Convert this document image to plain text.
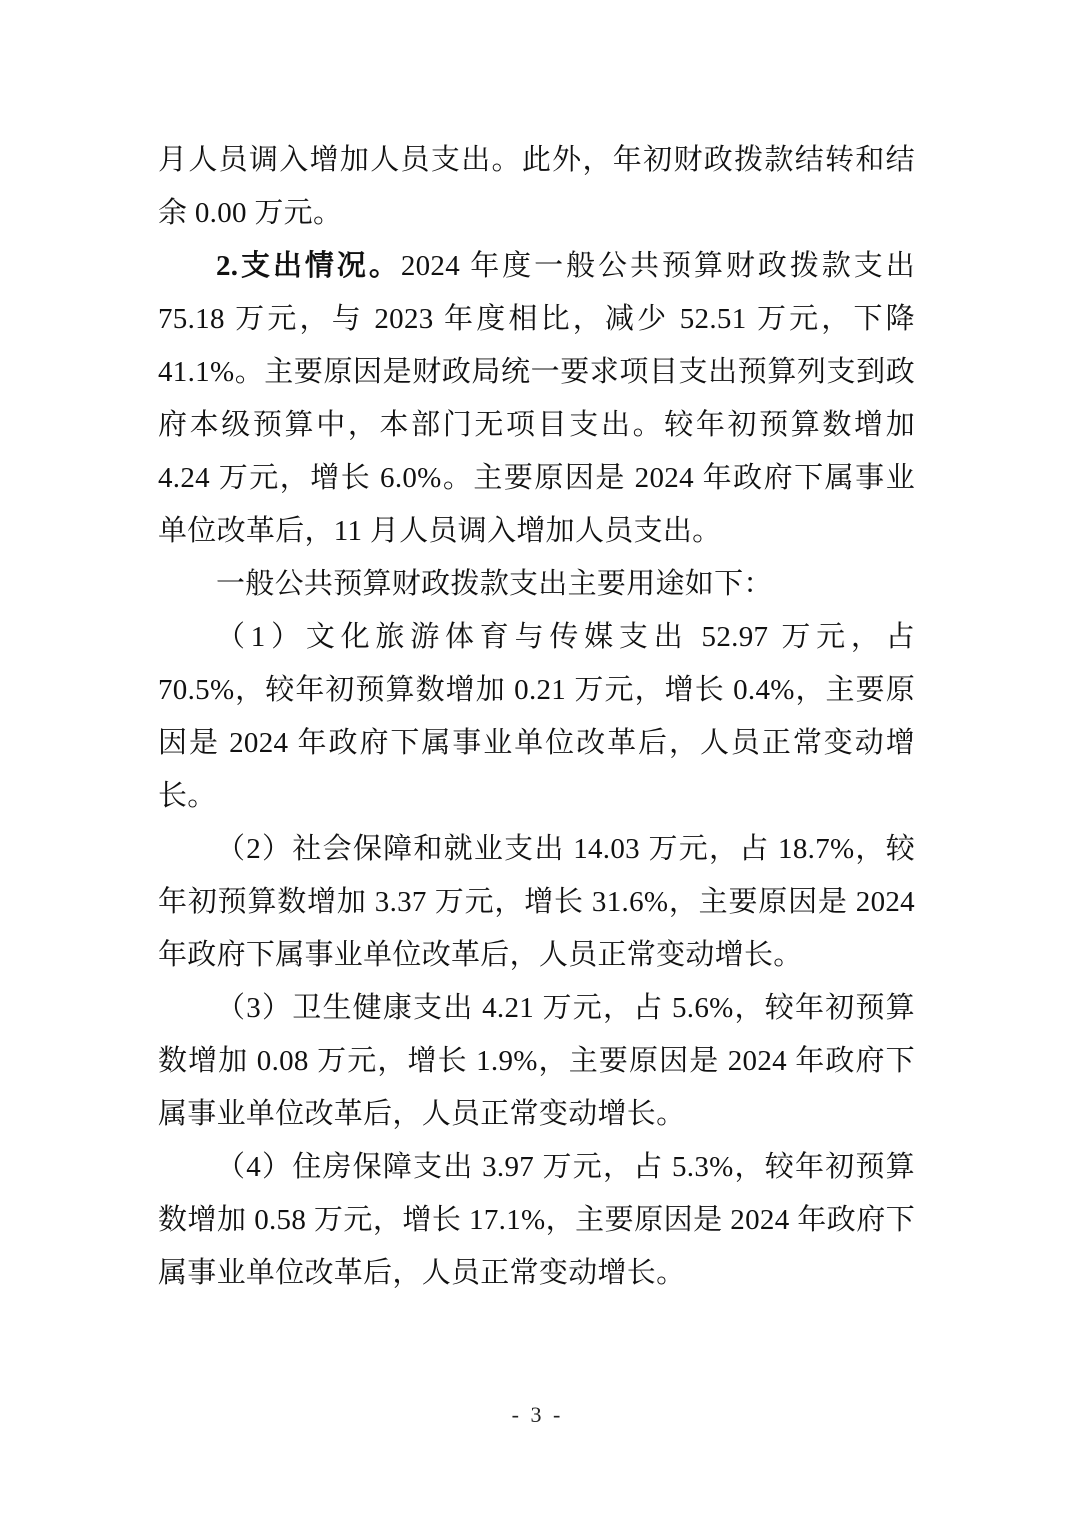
月人员调入增加人员支出。此外，年初财政拨款结转和结余 0.00 万元。

2.支出情况。2024 年度一般公共预算财政拨款支出 75.18 万元，与 2023 年度相比，减少 52.51 万元，下降 41.1%。主要原因是财政局统一要求项目支出预算列支到政府本级预算中，本部门无项目支出。较年初预算数增加 4.24 万元，增长 6.0%。主要原因是 2024 年政府下属事业单位改革后，11 月人员调入增加人员支出。

一般公共预算财政拨款支出主要用途如下：

（1）文化旅游体育与传媒支出 52.97 万元，占 70.5%，较年初预算数增加 0.21 万元，增长 0.4%，主要原因是 2024 年政府下属事业单位改革后，人员正常变动增长。

（2）社会保障和就业支出 14.03 万元，占 18.7%，较年初预算数增加 3.37 万元，增长 31.6%，主要原因是 2024 年政府下属事业单位改革后，人员正常变动增长。

（3）卫生健康支出 4.21 万元，占 5.6%，较年初预算数增加 0.08 万元，增长 1.9%，主要原因是 2024 年政府下属事业单位改革后，人员正常变动增长。

（4）住房保障支出 3.97 万元，占 5.3%，较年初预算数增加 0.58 万元，增长 17.1%，主要原因是 2024 年政府下属事业单位改革后，人员正常变动增长。

- 3 -
